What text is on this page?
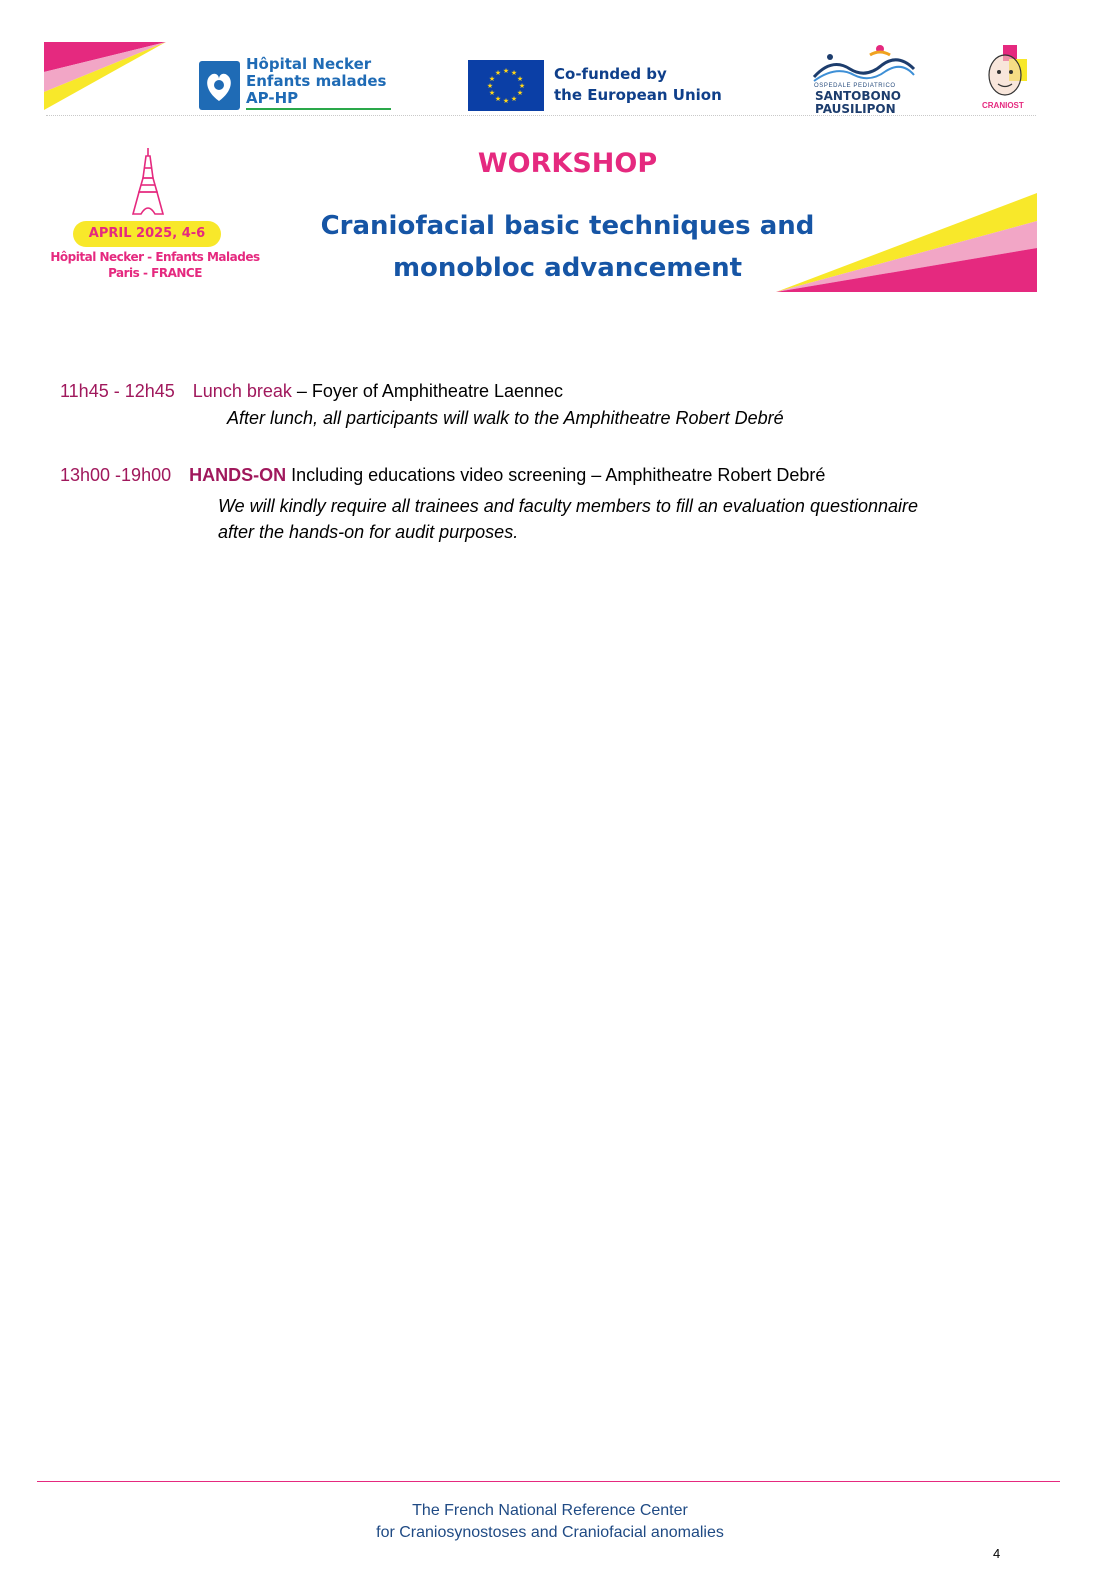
Hôpital Necker
Enfants malades
AP-HP
★ ★
★
★
★
★
★
★
★
★
★
★	Co-funded by
the European Union	OSPEDALE PEDIATRICO
SANTOBONO
PAUSILIPON	CRANIOST
APRIL 2025, 4-6
Hôpital Necker - Enfants Malades
Paris - FRANCE
WORKSHOP
Craniofacial basic techniques and
monobloc advancement
11h45 - 12h45 Lunch break – Foyer of Amphitheatre Laennec
After lunch, all participants will walk to the Amphitheatre Robert Debré
13h00 -19h00 HANDS-ON Including educations video screening – Amphitheatre Robert Debré
We will kindly require all trainees and faculty members to fill an evaluation questionnaire
after the hands-on for audit purposes.
The French National Reference Center
for Craniosynostoses and Craniofacial anomalies
4
